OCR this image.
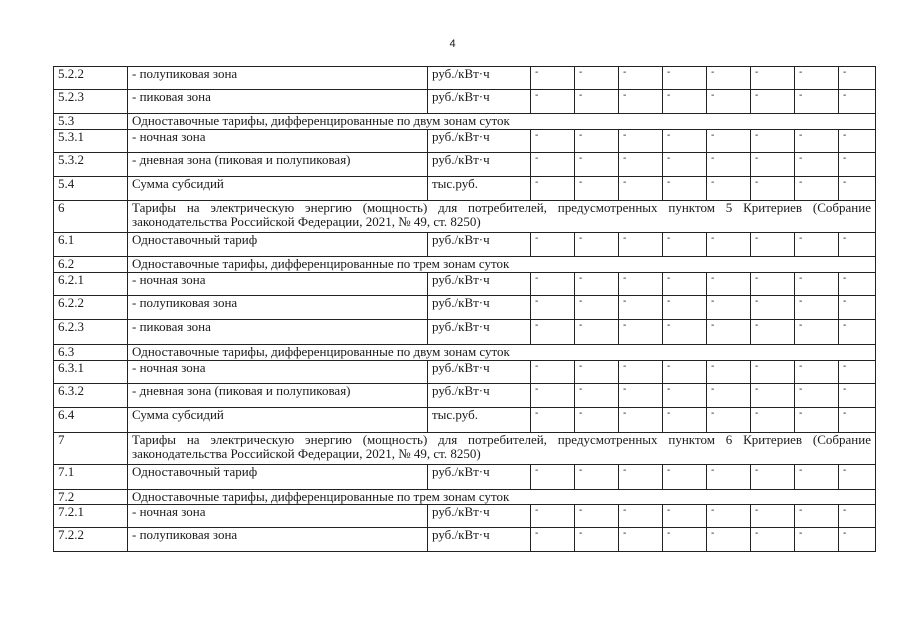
4
5.2.2	- полупиковая зона	руб./кВт·ч	-	-	-	-	-	-	-	-
5.2.3	- пиковая зона	руб./кВт·ч	-	-	-	-	-	-	-	-
5.3	Одноставочные тарифы, дифференцированные по двум зонам суток									
5.3.1	- ночная зона	руб./кВт·ч	-	-	-	-	-	-	-	-
5.3.2	- дневная зона (пиковая и полупиковая)	руб./кВт·ч	-	-	-	-	-	-	-	-
5.4	Сумма субсидий	тыс.руб.	-	-	-	-	-	-	-	-
6	Тарифы на электрическую энергию (мощность) для потребителей, предусмотренных пунктом 5 Критериев (Собрание законодательства Российской Федерации, 2021, № 49, ст. 8250)									
6.1	Одноставочный тариф	руб./кВт·ч	-	-	-	-	-	-	-	-
6.2	Одноставочные тарифы, дифференцированные по трем зонам суток									
6.2.1	- ночная зона	руб./кВт·ч	-	-	-	-	-	-	-	-
6.2.2	- полупиковая зона	руб./кВт·ч	-	-	-	-	-	-	-	-
6.2.3	- пиковая зона	руб./кВт·ч	-	-	-	-	-	-	-	-
6.3	Одноставочные тарифы, дифференцированные по двум зонам суток									
6.3.1	- ночная зона	руб./кВт·ч	-	-	-	-	-	-	-	-
6.3.2	- дневная зона (пиковая и полупиковая)	руб./кВт·ч	-	-	-	-	-	-	-	-
6.4	Сумма субсидий	тыс.руб.	-	-	-	-	-	-	-	-
7	Тарифы на электрическую энергию (мощность) для потребителей, предусмотренных пунктом 6 Критериев (Собрание законодательства Российской Федерации, 2021, № 49, ст. 8250)									
7.1	Одноставочный тариф	руб./кВт·ч	-	-	-	-	-	-	-	-
7.2	Одноставочные тарифы, дифференцированные по трем зонам суток									
7.2.1	- ночная зона	руб./кВт·ч	-	-	-	-	-	-	-	-
7.2.2	- полупиковая зона	руб./кВт·ч	-	-	-	-	-	-	-	-
